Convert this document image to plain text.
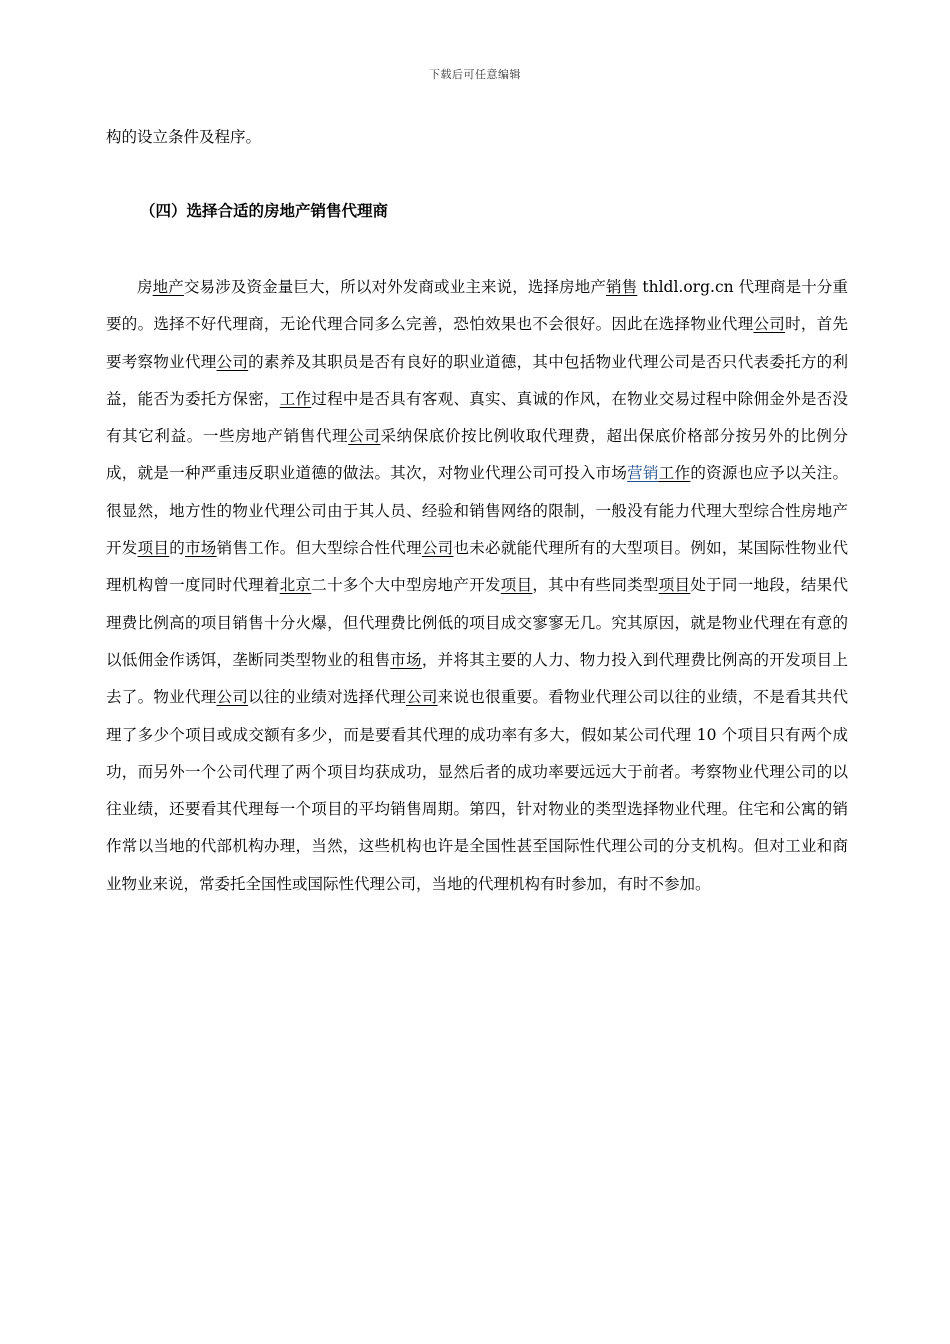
下载后可任意编辑

构的设立条件及程序。

（四）选择合适的房地产销售代理商

房地产交易涉及资金量巨大，所以对外发商或业主来说，选择房地产销售 thldl.org.cn 代理商是十分重要的。选择不好代理商，无论代理合同多么完善，恐怕效果也不会很好。因此在选择物业代理公司时，首先要考察物业代理公司的素养及其职员是否有良好的职业道德，其中包括物业代理公司是否只代表委托方的利益，能否为委托方保密，工作过程中是否具有客观、真实、真诚的作风，在物业交易过程中除佣金外是否没有其它利益。一些房地产销售代理公司采纳保底价按比例收取代理费，超出保底价格部分按另外的比例分成，就是一种严重违反职业道德的做法。其次，对物业代理公司可投入市场营销工作的资源也应予以关注。很显然，地方性的物业代理公司由于其人员、经验和销售网络的限制，一般没有能力代理大型综合性房地产开发项目的市场销售工作。但大型综合性代理公司也未必就能代理所有的大型项目。例如，某国际性物业代理机构曾一度同时代理着北京二十多个大中型房地产开发项目，其中有些同类型项目处于同一地段，结果代理费比例高的项目销售十分火爆，但代理费比例低的项目成交寥寥无几。究其原因，就是物业代理在有意的以低佣金作诱饵，垄断同类型物业的租售市场，并将其主要的人力、物力投入到代理费比例高的开发项目上去了。物业代理公司以往的业绩对选择代理公司来说也很重要。看物业代理公司以往的业绩，不是看其共代理了多少个项目或成交额有多少，而是要看其代理的成功率有多大，假如某公司代理 10 个项目只有两个成功，而另外一个公司代理了两个项目均获成功，显然后者的成功率要远远大于前者。考察物业代理公司的以往业绩，还要看其代理每一个项目的平均销售周期。第四，针对物业的类型选择物业代理。住宅和公寓的销作常以当地的代部机构办理，当然，这些机构也许是全国性甚至国际性代理公司的分支机构。但对工业和商业物业来说，常委托全国性或国际性代理公司，当地的代理机构有时参加，有时不参加。
